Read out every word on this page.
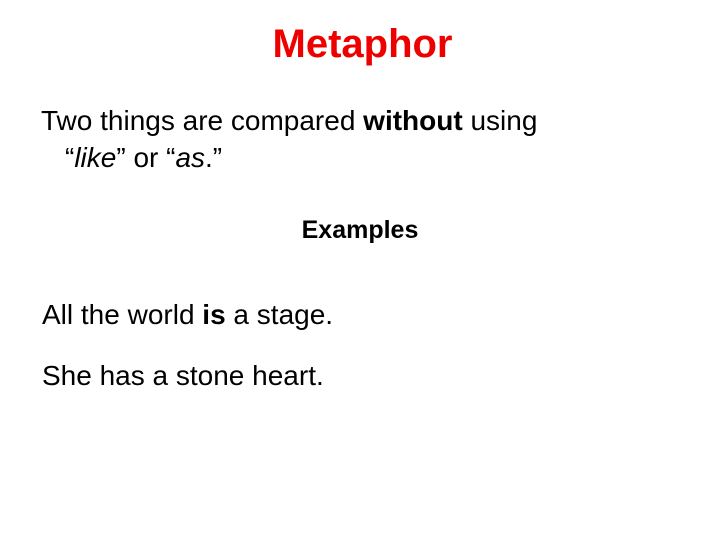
Metaphor

Two things are compared without using
“like” or “as.”

Examples

All the world is a stage.

She has a stone heart.
